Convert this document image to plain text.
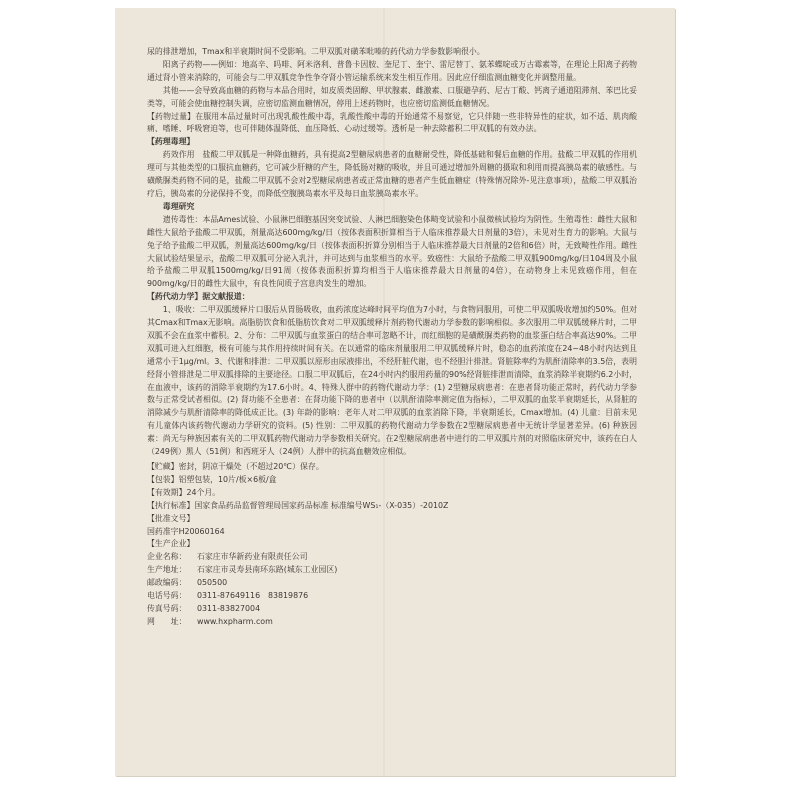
尿的排泄增加，Tmax和半衰期时间不受影响。二甲双胍对磺苯吡嗪的药代动力学参数影响很小。

阳离子药物——例如：地高辛、吗啡、阿米洛利、普鲁卡因胺、奎尼丁、奎宁、雷尼替丁、氨苯蝶啶或万古霉素等，在理论上阳离子药物通过肾小管来消除的，可能会与二甲双胍竞争性争夺肾小管运输系统来发生相互作用。因此应仔细监测血糖变化并调整用量。

其他——会导致高血糖的药物与本品合用时，如皮质类固醇、甲状腺素、雌激素、口服避孕药、尼古丁酸、钙离子通道阻滞剂、苯巴比妥类等，可能会使血糖控制失调，应密切监测血糖情况，停用上述药物时，也应密切监测低血糖情况。

【药物过量】在服用本品过量时可出现乳酸性酸中毒，乳酸性酸中毒的开始通常不易察觉，它只伴随一些非特异性的症状，如不适、肌肉酸痛、嗜睡、呼吸窘迫等，也可伴随体温降低、血压降低、心动过缓等。透析是一种去除蓄积二甲双胍的有效办法。

【药理毒理】

药效作用　盐酸二甲双胍是一种降血糖药，具有提高2型糖尿病患者的血糖耐受性，降低基础和餐后血糖的作用。盐酸二甲双胍的作用机理可与其他类型的口服抗血糖药，它可减少肝糖的产生，降低肠对糖的吸收，并且可通过增加外周糖的摄取和利用而提高胰岛素的敏感性。与磺酰脲类药物不同的是，盐酸二甲双胍不会对2型糖尿病患者或正常血糖的患者产生低血糖症（特殊情况除外-见注意事项），盐酸二甲双胍治疗后，胰岛素的分泌保持不变，而降低空腹胰岛素水平及每日血浆胰岛素水平。

毒理研究

遗传毒性：本品Ames试验、小鼠淋巴细胞基因突变试验、人淋巴细胞染色体畸变试验和小鼠微核试验均为阴性。生殖毒性：雌性大鼠和雌性大鼠给予盐酸二甲双胍，剂量高达600mg/kg/日（按体表面积折算相当于人临床推荐最大日剂量的3倍），未见对生育力的影响。大鼠与兔子给予盐酸二甲双胍，剂量高达600mg/kg/日（按体表面积折算分别相当于人临床推荐最大日剂量的2倍和6倍）时，无致畸性作用。雌性大鼠试验结果显示，盐酸二甲双胍可分泌入乳汁，并可达到与血浆相当的水平。致癌性：大鼠给予盐酸二甲双胍900mg/kg/日104周及小鼠给予盐酸二甲双胍1500mg/kg/日91周（按体表面积折算均相当于人临床推荐最大日剂量的4倍），在动物身上未见致癌作用，但在900mg/kg/日的雌性大鼠中，有良性间质子宫息肉发生的增加。

【药代动力学】据文献报道：

1、吸收：二甲双胍缓释片口服后从胃肠吸收，血药浓度达峰时间平均值为7小时，与食物同服用，可使二甲双胍吸收增加约50%。但对其Cmax和Tmax无影响。高脂肪饮食和低脂肪饮食对二甲双胍缓释片剂药物代谢动力学参数的影响相似。多次服用二甲双胍缓释片时，二甲双胍不会在血浆中蓄积。2、分布：二甲双胍与血浆蛋白的结合率可忽略不计，而红细胞的是磺酰脲类药物的血浆蛋白结合率高达90%。二甲双胍可进入红细胞，极有可能与其作用持续时间有关。在以通常的临床剂量服用二甲双胍缓释片时，稳态的血药浓度在24~48小时内达到且通常小于1μg/ml。3、代谢和排泄：二甲双胍以原形由尿液排出，不经肝脏代谢，也不经胆汁排泄。肾脏除率约为肌酐清除率的3.5倍，表明经肾小管排泄是二甲双胍排除的主要途径。口服二甲双胍后，在24小时内约服用药量的90%经肾脏排泄而清除，血浆消除半衰期约6.2小时，在血液中，该药的消除半衰期约为17.6小时。4、特殊人群中的药物代谢动力学：(1) 2型糖尿病患者：在患者肾功能正常时，药代动力学参数与正常受试者相似。(2) 肾功能不全患者：在肾功能下降的患者中（以肌酐清除率测定值为指标），二甲双胍的血浆半衰期延长，从肾脏的消除减少与肌酐清除率的降低成正比。(3) 年龄的影响：老年人对二甲双胍的血浆消除下降，半衰期延长，Cmax增加。(4) 儿童：目前未见有儿童体内该药物代谢动力学研究的资料。(5) 性别：二甲双胍的药物代谢动力学参数在2型糖尿病患者中无统计学显著差异。(6) 种族因素：尚无与种族因素有关的二甲双胍药物代谢动力学参数相关研究。在2型糖尿病患者中进行的二甲双胍片剂的对照临床研究中，该药在白人（249例）黑人（51例）和西班牙人（24例）人群中的抗高血糖效应相似。

【贮藏】密封，阴凉干燥处（不超过20℃）保存。

【包装】铝塑包装，10片/板×6板/盒

【有效期】24个月。

【执行标准】国家食品药品监督管理局国家药品标准 标准编号WS₁-（X-035）-2010Z

【批准文号】

国药准字H20060164

【生产企业】

企业名称：	石家庄市华新药业有限责任公司
生产地址：	石家庄市灵寿县南环东路(城东工业园区)
邮政编码：	050500
电话号码：	0311-87649116　83819876
传真号码：	0311-83827004
网　　址：	www.hxpharm.com
